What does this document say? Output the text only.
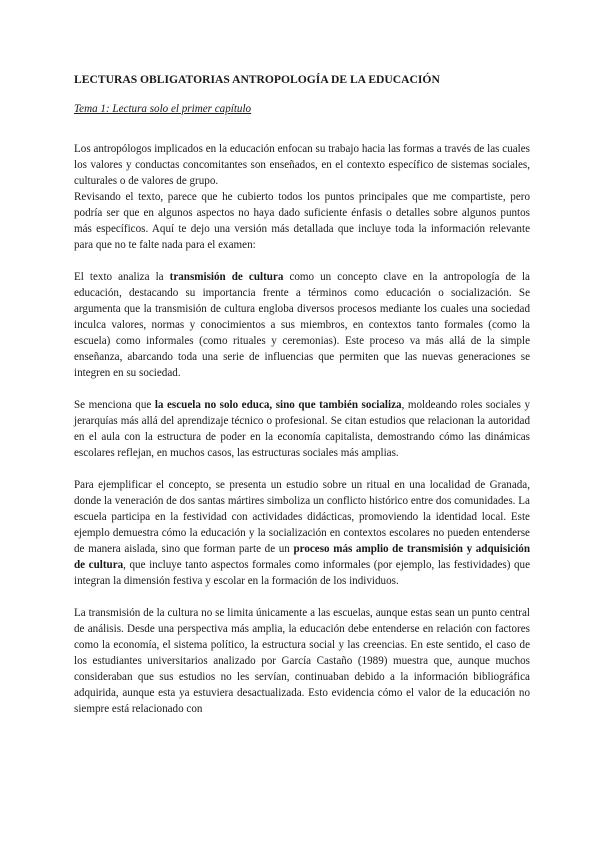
LECTURAS OBLIGATORIAS ANTROPOLOGÍA DE LA EDUCACIÓN
Tema 1: Lectura solo el primer capítulo

Los antropólogos implicados en la educación enfocan su trabajo hacia las formas a través de las cuales los valores y conductas concomitantes son enseñados, en el contexto específico de sistemas sociales, culturales o de valores de grupo.

Revisando el texto, parece que he cubierto todos los puntos principales que me compartiste, pero podría ser que en algunos aspectos no haya dado suficiente énfasis o detalles sobre algunos puntos más específicos. Aquí te dejo una versión más detallada que incluye toda la información relevante para que no te falte nada para el examen:

El texto analiza la transmisión de cultura como un concepto clave en la antropología de la educación, destacando su importancia frente a términos como educación o socialización. Se argumenta que la transmisión de cultura engloba diversos procesos mediante los cuales una sociedad inculca valores, normas y conocimientos a sus miembros, en contextos tanto formales (como la escuela) como informales (como rituales y ceremonias). Este proceso va más allá de la simple enseñanza, abarcando toda una serie de influencias que permiten que las nuevas generaciones se integren en su sociedad.

Se menciona que la escuela no solo educa, sino que también socializa, moldeando roles sociales y jerarquías más allá del aprendizaje técnico o profesional. Se citan estudios que relacionan la autoridad en el aula con la estructura de poder en la economía capitalista, demostrando cómo las dinámicas escolares reflejan, en muchos casos, las estructuras sociales más amplias.

Para ejemplificar el concepto, se presenta un estudio sobre un ritual en una localidad de Granada, donde la veneración de dos santas mártires simboliza un conflicto histórico entre dos comunidades. La escuela participa en la festividad con actividades didácticas, promoviendo la identidad local. Este ejemplo demuestra cómo la educación y la socialización en contextos escolares no pueden entenderse de manera aislada, sino que forman parte de un proceso más amplio de transmisión y adquisición de cultura, que incluye tanto aspectos formales como informales (por ejemplo, las festividades) que integran la dimensión festiva y escolar en la formación de los individuos.

La transmisión de la cultura no se limita únicamente a las escuelas, aunque estas sean un punto central de análisis. Desde una perspectiva más amplia, la educación debe entenderse en relación con factores como la economía, el sistema político, la estructura social y las creencias. En este sentido, el caso de los estudiantes universitarios analizado por García Castaño (1989) muestra que, aunque muchos consideraban que sus estudios no les servían, continuaban debido a la información bibliográfica adquirida, aunque esta ya estuviera desactualizada. Esto evidencia cómo el valor de la educación no siempre está relacionado con
